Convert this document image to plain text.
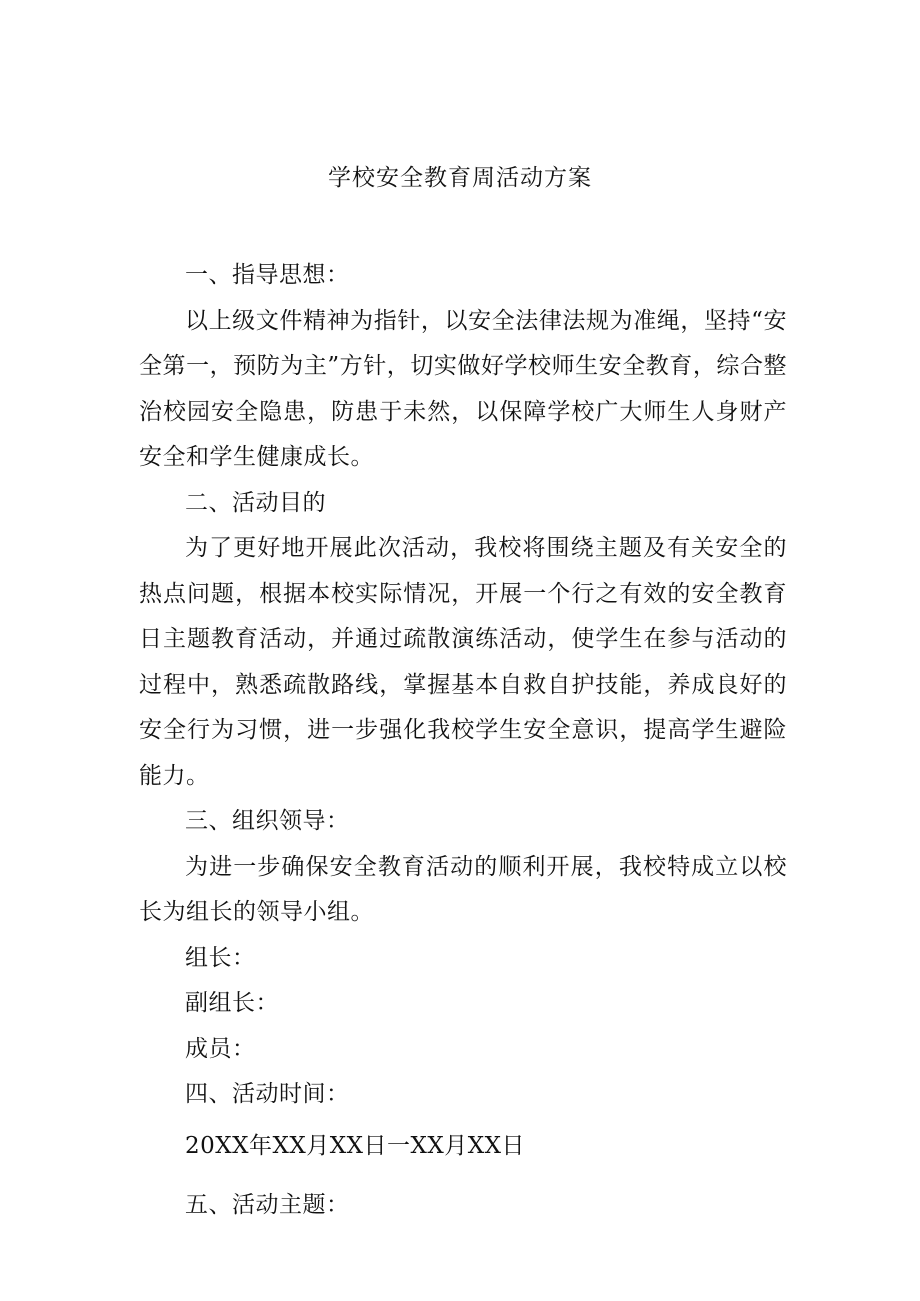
学校安全教育周活动方案

一、指导思想：

以上级文件精神为指针，以安全法律法规为准绳，坚持“安全第一，预防为主”方针，切实做好学校师生安全教育，综合整治校园安全隐患，防患于未然，以保障学校广大师生人身财产安全和学生健康成长。

二、活动目的

为了更好地开展此次活动，我校将围绕主题及有关安全的热点问题，根据本校实际情况，开展一个行之有效的安全教育日主题教育活动，并通过疏散演练活动，使学生在参与活动的过程中，熟悉疏散路线，掌握基本自救自护技能，养成良好的安全行为习惯，进一步强化我校学生安全意识，提高学生避险能力。

三、组织领导：

为进一步确保安全教育活动的顺利开展，我校特成立以校长为组长的领导小组。

组长：

副组长：

成员：

四、活动时间：

20XX年XX月XX日一XX月XX日

五、活动主题：
